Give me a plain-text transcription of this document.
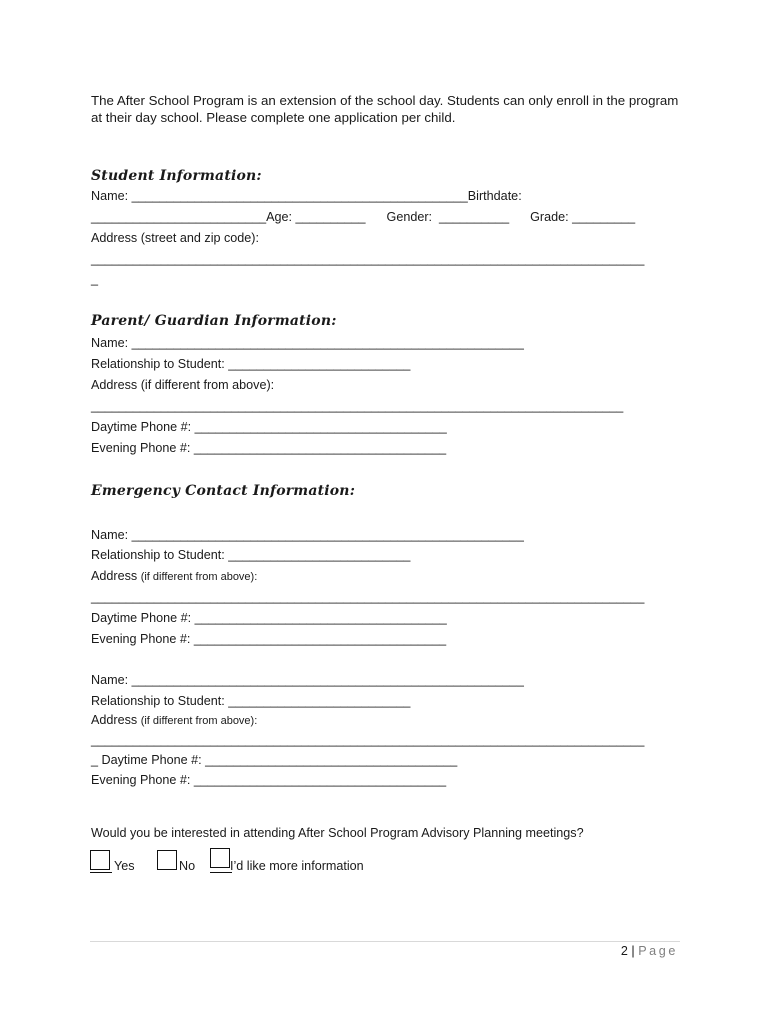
The After School Program is an extension of the school day. Students can only enroll in the program at their day school. Please complete one application per child.
Student Information:
Name: ________________________________________________Birthdate:
_________________________Age: __________      Gender:  __________      Grade: _________
Address (street and zip code):
_______________________________________________________________________________
_
Parent/ Guardian Information:
Name: ________________________________________________________
Relationship to Student: __________________________
Address (if different from above):
____________________________________________________________________________
Daytime Phone #: ____________________________________
Evening Phone #: ____________________________________
Emergency Contact Information:
Name: ________________________________________________________
Relationship to Student: __________________________
Address (if different from above):
_______________________________________________________________________________
Daytime Phone #: ____________________________________
Evening Phone #: ____________________________________
Name: ________________________________________________________
Relationship to Student: __________________________
Address (if different from above):
_______________________________________________________________________________
_ Daytime Phone #: ____________________________________
Evening Phone #: ____________________________________
Would you be interested in attending After School Program Advisory Planning meetings?
Yes	No	I’d like more information
2 | Page
